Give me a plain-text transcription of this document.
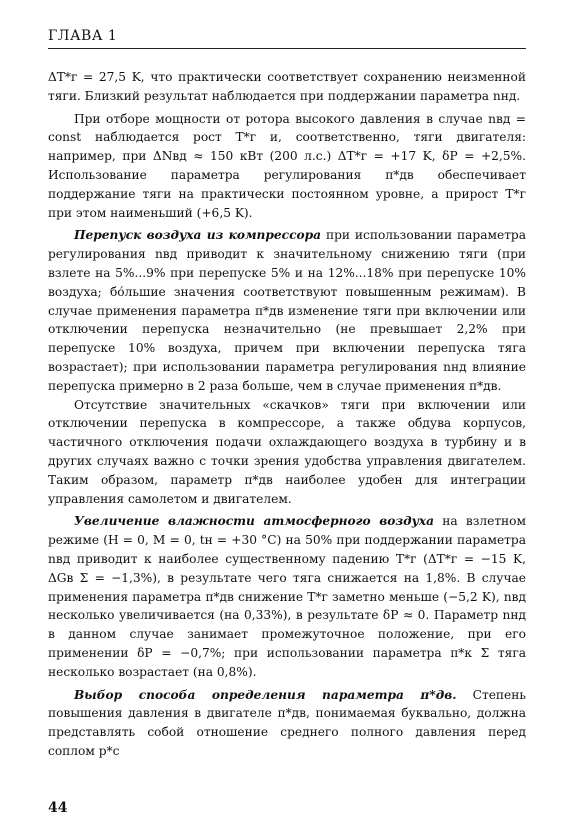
ГЛАВА 1

ΔT*г = 27,5 K, что практически соответствует сохранению неизменной тяги. Близкий результат наблюдается при поддержании параметра nнд.

При отборе мощности от ротора высокого давления в случае nвд = const наблюдается рост T*г и, соответственно, тяги двигателя: например, при ΔNвд ≈ 150 кВт (200 л.с.) ΔT*г = +17 K, δP = +2,5%. Использование параметра регулирования π*дв обеспечивает поддержание тяги на практически постоянном уровне, а прирост T*г при этом наименьший (+6,5 K).

Перепуск воздуха из компрессора при использовании параметра регулирования nвд приводит к значительному снижению тяги (при взлете на 5%...9% при перепуске 5% и на 12%...18% при перепуске 10% воздуха; бо́льшие значения соответствуют повышенным режимам). В случае применения параметра π*дв изменение тяги при включении или отключении перепуска незначительно (не превышает 2,2% при перепуске 10% воздуха, причем при включении перепуска тяга возрастает); при использовании параметра регулирования nнд влияние перепуска примерно в 2 раза больше, чем в случае применения π*дв.

Отсутствие значительных «скачков» тяги при включении или отключении перепуска в компрессоре, а также обдува корпусов, частичного отключения подачи охлаждающего воздуха в турбину и в других случаях важно с точки зрения удобства управления двигателем. Таким образом, параметр π*дв наиболее удобен для интеграции управления самолетом и двигателем.

Увеличение влажности атмосферного воздуха на взлетном режиме (H = 0, M = 0, tн = +30 °C) на 50% при поддержании параметра nвд приводит к наиболее существенному падению T*г (ΔT*г = −15 K, ΔGв Σ = −1,3%), в результате чего тяга снижается на 1,8%. В случае применения параметра π*дв снижение T*г заметно меньше (−5,2 K), nвд несколько увеличивается (на 0,33%), в результате δP ≈ 0. Параметр nнд в данном случае занимает промежуточное положение, при его применении δP = −0,7%; при использовании параметра π*к Σ тяга несколько возрастает (на 0,8%).

Выбор способа определения параметра π*дв. Степень повышения давления в двигателе π*дв, понимаемая буквально, должна представлять собой отношение среднего полного давления перед соплом p*c

44
